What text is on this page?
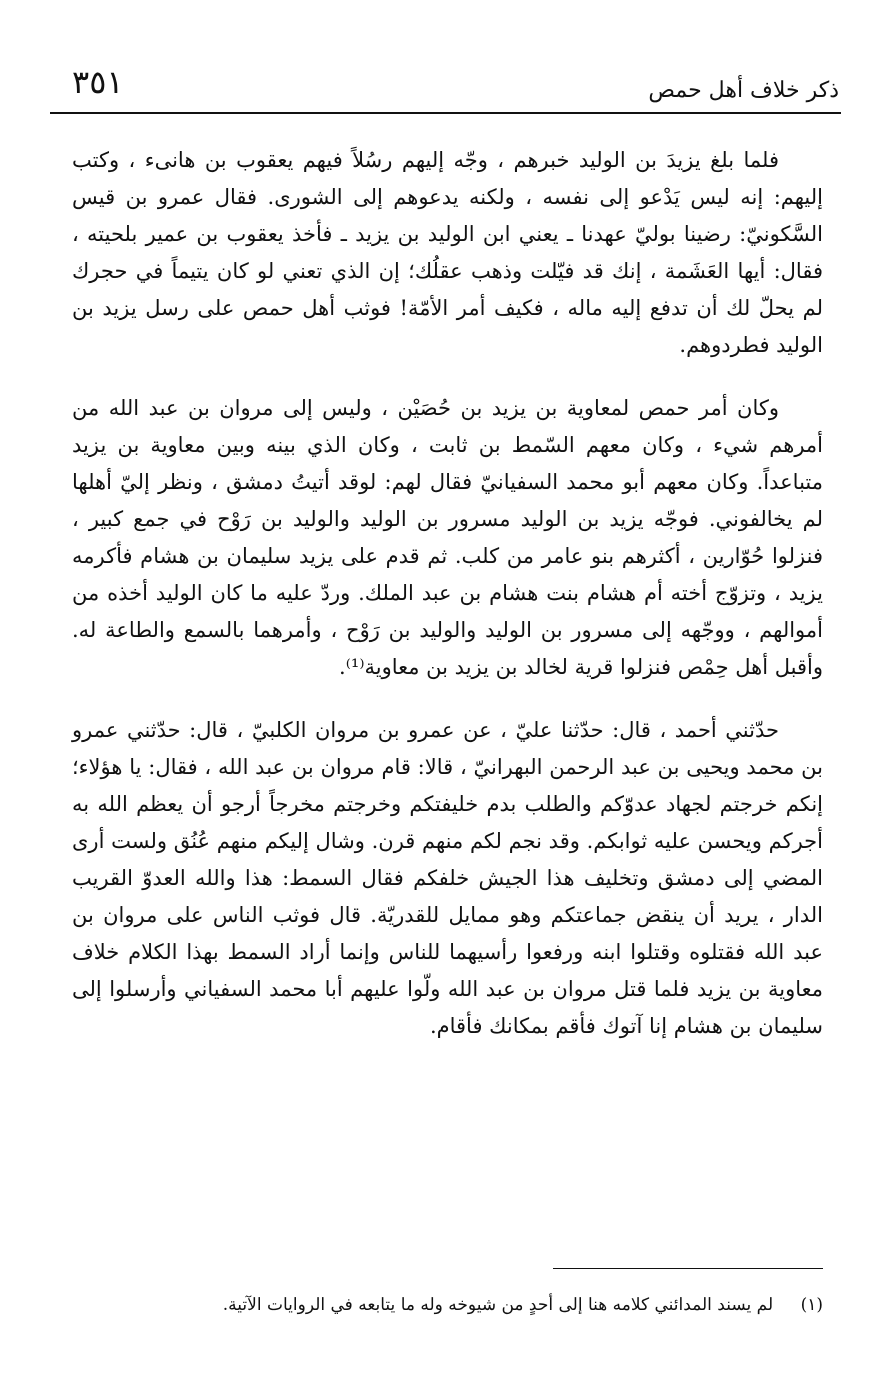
٣٥١	ذكر خلاف أهل حمص

فلما بلغ يزيدَ بن الوليد خبرهم ، وجّه إليهم رسُلاً فيهم يعقوب بن هانىء ، وكتب إليهم: إنه ليس يَدْعو إلى نفسه ، ولكنه يدعوهم إلى الشورى. فقال عمرو بن قيس السَّكونيّ: رضينا بوليّ عهدنا ـ يعني ابن الوليد بن يزيد ـ فأخذ يعقوب بن عمير بلحيته ، فقال: أيها العَشَمة ، إنك قد فيّلت وذهب عقلُك؛ إن الذي تعني لو كان يتيماً في حجرك لم يحلّ لك أن تدفع إليه ماله ، فكيف أمر الأمّة! فوثب أهل حمص على رسل يزيد بن الوليد فطردوهم.

وكان أمر حمص لمعاوية بن يزيد بن حُصَيْن ، وليس إلى مروان بن عبد الله من أمرهم شيء ، وكان معهم السّمط بن ثابت ، وكان الذي بينه وبين معاوية بن يزيد متباعداً. وكان معهم أبو محمد السفيانيّ فقال لهم: لوقد أتيتُ دمشق ، ونظر إليّ أهلها لم يخالفوني. فوجّه يزيد بن الوليد مسرور بن الوليد والوليد بن رَوْح في جمع كبير ، فنزلوا حُوّارين ، أكثرهم بنو عامر من كلب. ثم قدم على يزيد سليمان بن هشام فأكرمه يزيد ، وتزوّج أخته أم هشام بنت هشام بن عبد الملك. وردّ عليه ما كان الوليد أخذه من أموالهم ، ووجّهه إلى مسرور بن الوليد والوليد بن رَوْح ، وأمرهما بالسمع والطاعة له. وأقبل أهل حِمْص فنزلوا قرية لخالد بن يزيد بن معاوية⁽¹⁾.

حدّثني أحمد ، قال: حدّثنا عليّ ، عن عمرو بن مروان الكلبيّ ، قال: حدّثني عمرو بن محمد ويحيى بن عبد الرحمن البهرانيّ ، قالا: قام مروان بن عبد الله ، فقال: يا هؤلاء؛ إنكم خرجتم لجهاد عدوّكم والطلب بدم خليفتكم وخرجتم مخرجاً أرجو أن يعظم الله به أجركم ويحسن عليه ثوابكم. وقد نجم لكم منهم قرن. وشال إليكم منهم عُنُق ولست أرى المضي إلى دمشق وتخليف هذا الجيش خلفكم فقال السمط: هذا والله العدوّ القريب الدار ، يريد أن ينقض جماعتكم وهو ممايل للقدريّة. قال فوثب الناس على مروان بن عبد الله فقتلوه وقتلوا ابنه ورفعوا رأسيهما للناس وإنما أراد السمط بهذا الكلام خلاف معاوية بن يزيد فلما قتل مروان بن عبد الله ولّوا عليهم أبا محمد السفياني وأرسلوا إلى سليمان بن هشام إنا آتوك فأقم بمكانك فأقام.

(١) لم يسند المدائني كلامه هنا إلى أحدٍ من شيوخه وله ما يتابعه في الروايات الآتية.
